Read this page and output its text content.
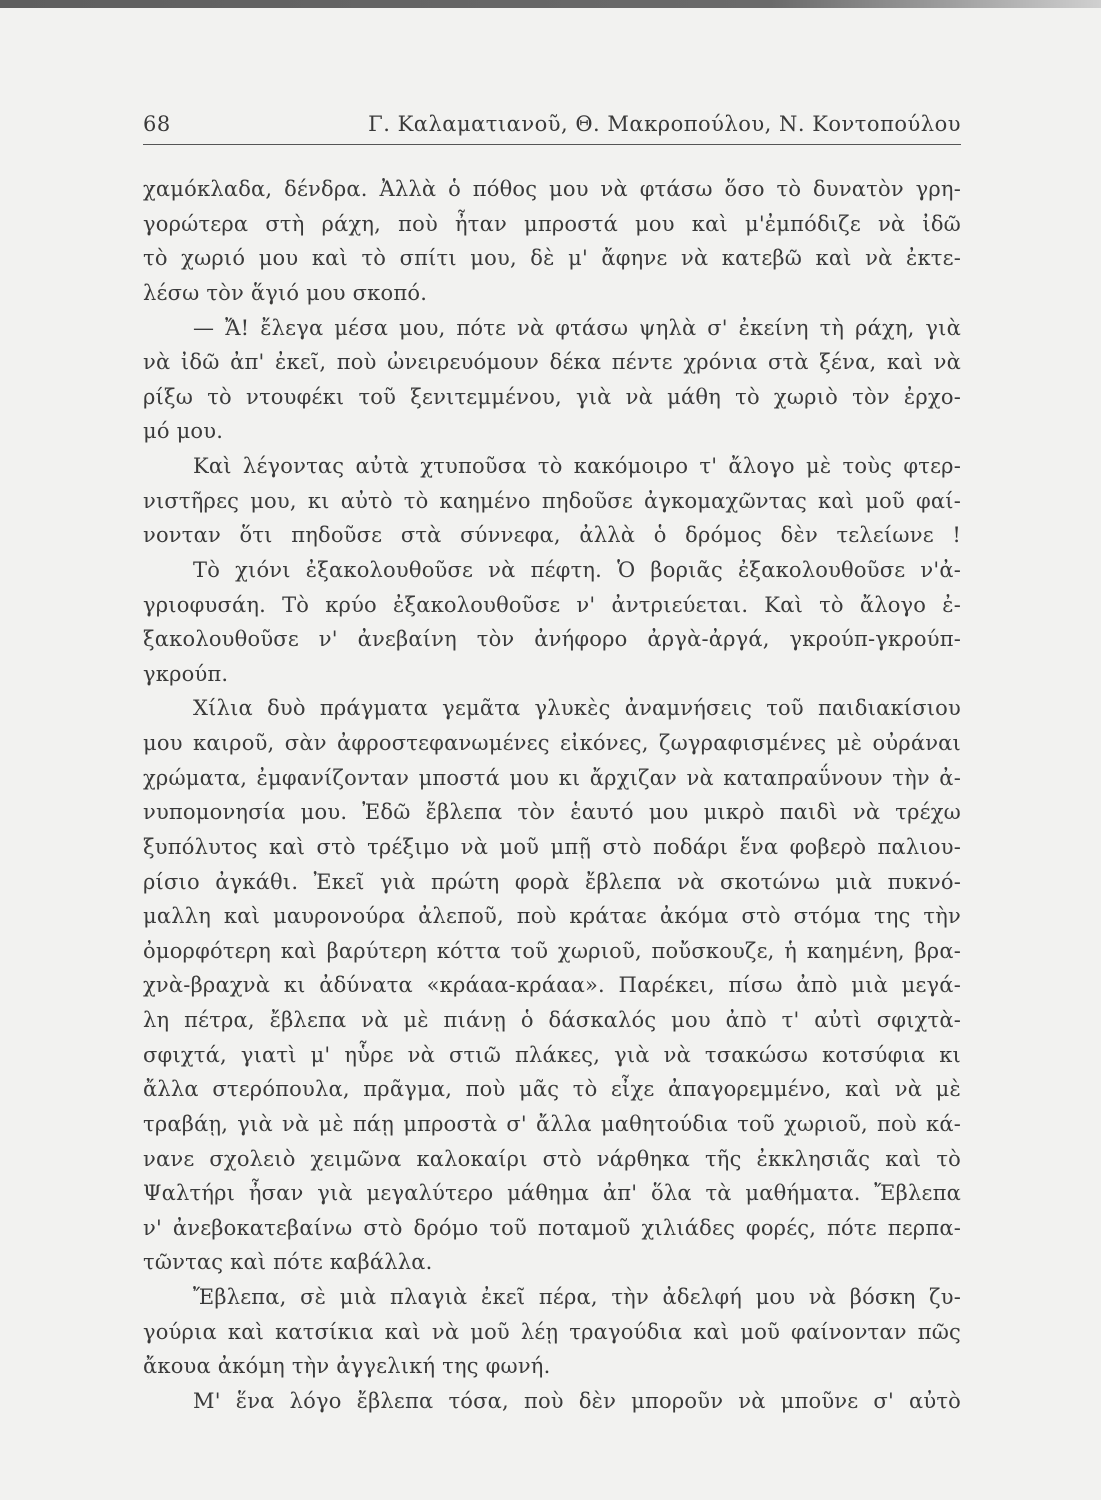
68	Γ. Καλαματιανοῦ, Θ. Μακροπούλου, Ν. Κοντοπούλου
χαμόκλαδα, δένδρα. Ἀλλὰ ὁ πόθος μου νὰ φτάσω ὅσο τὸ δυνατὸν γρη-
γορώτερα στὴ ράχη, ποὺ ἦταν μπροστά μου καὶ μ'ἐμπόδιζε νὰ ἰδῶ
τὸ χωριό μου καὶ τὸ σπίτι μου, δὲ μ' ἄφηνε νὰ κατεβῶ καὶ νὰ ἐκτε-
λέσω τὸν ἅγιό μου σκοπό.
— Ἄ! ἔλεγα μέσα μου, πότε νὰ φτάσω ψηλὰ σ' ἐκείνη τὴ ράχη, γιὰ
νὰ ἰδῶ ἀπ' ἐκεῖ, ποὺ ὠνειρευόμουν δέκα πέντε χρόνια στὰ ξένα, καὶ νὰ
ρίξω τὸ ντουφέκι τοῦ ξενιτεμμένου, γιὰ νὰ μάθη τὸ χωριὸ τὸν ἐρχο-
μό μου.
Καὶ λέγοντας αὐτὰ χτυποῦσα τὸ κακόμοιρο τ' ἄλογο μὲ τοὺς φτερ-
νιστῆρες μου, κι αὐτὸ τὸ καημένο πηδοῦσε ἀγκομαχῶντας καὶ μοῦ φαί-
νονταν ὅτι πηδοῦσε στὰ σύννεφα, ἀλλὰ ὁ δρόμος δὲν τελείωνε !
Τὸ χιόνι ἐξακολουθοῦσε νὰ πέφτη. Ὁ βοριᾶς ἐξακολουθοῦσε ν'ἀ-
γριοφυσάη. Τὸ κρύο ἐξακολουθοῦσε ν' ἀντριεύεται. Καὶ τὸ ἄλογο ἐ-
ξακολουθοῦσε ν' ἀνεβαίνη τὸν ἀνήφορο ἀργὰ-ἀργά, γκρούπ-γκρούπ-
γκρούπ.
Χίλια δυὸ πράγματα γεμᾶτα γλυκὲς ἀναμνήσεις τοῦ παιδιακίσιου
μου καιροῦ, σὰν ἀφροστεφανωμένες εἰκόνες, ζωγραφισμένες μὲ οὐράναι
χρώματα, ἐμφανίζονταν μποστά μου κι ἄρχιζαν νὰ καταπραΰνουν τὴν ἀ-
νυπομονησία μου. Ἐδῶ ἔβλεπα τὸν ἑαυτό μου μικρὸ παιδὶ νὰ τρέχω
ξυπόλυτος καὶ στὸ τρέξιμο νὰ μοῦ μπῇ στὸ ποδάρι ἕνα φοβερὸ παλιου-
ρίσιο ἀγκάθι. Ἐκεῖ γιὰ πρώτη φορὰ ἔβλεπα νὰ σκοτώνω μιὰ πυκνό-
μαλλη καὶ μαυρονούρα ἀλεποῦ, ποὺ κράταε ἀκόμα στὸ στόμα της τὴν
ὀμορφότερη καὶ βαρύτερη κόττα τοῦ χωριοῦ, ποὔσκουζε, ἡ καημένη, βρα-
χνὰ-βραχνὰ κι ἀδύνατα «κράαα-κράαα». Παρέκει, πίσω ἀπὸ μιὰ μεγά-
λη πέτρα, ἔβλεπα νὰ μὲ πιάνῃ ὁ δάσκαλός μου ἀπὸ τ' αὐτὶ σφιχτὰ-
σφιχτά, γιατὶ μ' ηὗρε νὰ στιῶ πλάκες, γιὰ νὰ τσακώσω κοτσύφια κι
ἄλλα στερόπουλα, πρᾶγμα, ποὺ μᾶς τὸ εἶχε ἀπαγορεμμένο, καὶ νὰ μὲ
τραβάῃ, γιὰ νὰ μὲ πάῃ μπροστὰ σ' ἄλλα μαθητούδια τοῦ χωριοῦ, ποὺ κά-
νανε σχολειὸ χειμῶνα καλοκαίρι στὸ νάρθηκα τῆς ἐκκλησιᾶς καὶ τὸ
Ψαλτήρι ἦσαν γιὰ μεγαλύτερο μάθημα ἀπ' ὅλα τὰ μαθήματα. Ἔβλεπα
ν' ἀνεβοκατεβαίνω στὸ δρόμο τοῦ ποταμοῦ χιλιάδες φορές, πότε περπα-
τῶντας καὶ πότε καβάλλα.
Ἔβλεπα, σὲ μιὰ πλαγιὰ ἐκεῖ πέρα, τὴν ἀδελφή μου νὰ βόσκη ζυ-
γούρια καὶ κατσίκια καὶ νὰ μοῦ λέῃ τραγούδια καὶ μοῦ φαίνονταν πῶς
ἄκουα ἀκόμη τὴν ἀγγελική της φωνή.
Μ' ἕνα λόγο ἔβλεπα τόσα, ποὺ δὲν μποροῦν νὰ μποῦνε σ' αὐτὸ
